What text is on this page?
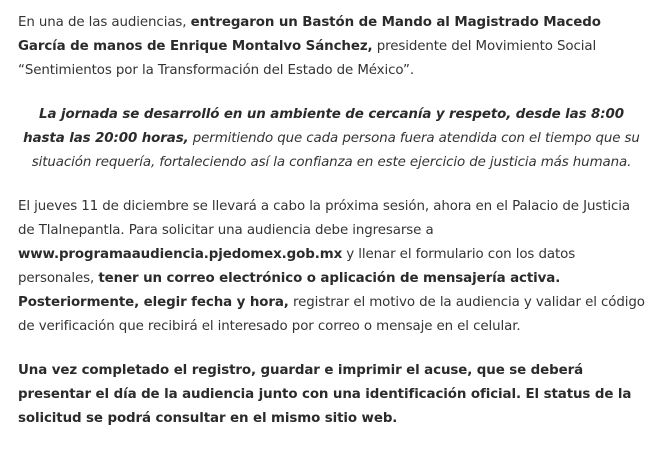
En una de las audiencias, entregaron un Bastón de Mando al Magistrado Macedo García de manos de Enrique Montalvo Sánchez, presidente del Movimiento Social “Sentimientos por la Transformación del Estado de México”.

La jornada se desarrolló en un ambiente de cercanía y respeto, desde las 8:00 hasta las 20:00 horas, permitiendo que cada persona fuera atendida con el tiempo que su situación requería, fortaleciendo así la confianza en este ejercicio de justicia más humana.

El jueves 11 de diciembre se llevará a cabo la próxima sesión, ahora en el Palacio de Justicia de Tlalnepantla. Para solicitar una audiencia debe ingresarse a www.programaaudiencia.pjedomex.gob.mx y llenar el formulario con los datos personales, tener un correo electrónico o aplicación de mensajería activa. Posteriormente, elegir fecha y hora, registrar el motivo de la audiencia y validar el código de verificación que recibirá el interesado por correo o mensaje en el celular.

Una vez completado el registro, guardar e imprimir el acuse, que se deberá presentar el día de la audiencia junto con una identificación oficial. El status de la solicitud se podrá consultar en el mismo sitio web.
